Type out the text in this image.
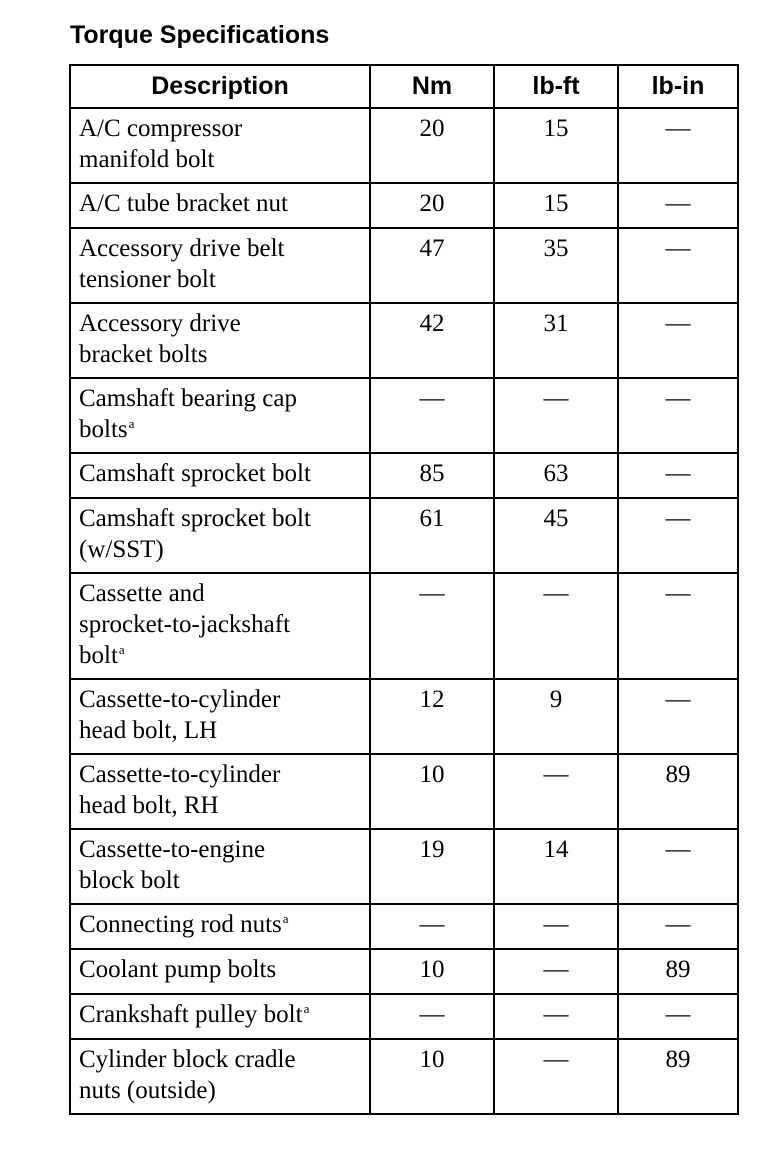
Torque Specifications
Description	Nm	lb-ft	lb-in

A/C compressor
manifold bolt	20	15	—

A/C tube bracket nut	20	15	—

Accessory drive belt
tensioner bolt	47	35	—

Accessory drive
bracket bolts	42	31	—

Camshaft bearing cap
bolts$^a$	—	—	—

Camshaft sprocket bolt	85	63	—

Camshaft sprocket bolt
(w/SST)	61	45	—

Cassette and
sprocket-to-jackshaft
bolt$^a$	—	—	—

Cassette-to-cylinder
head bolt, LH	12	9	—

Cassette-to-cylinder
head bolt, RH	10	—	89

Cassette-to-engine
block bolt	19	14	—

Connecting rod nuts$^a$	—	—	—

Coolant pump bolts	10	—	89

Crankshaft pulley bolt$^a$	—	—	—

Cylinder block cradle
nuts (outside)	10	—	89
